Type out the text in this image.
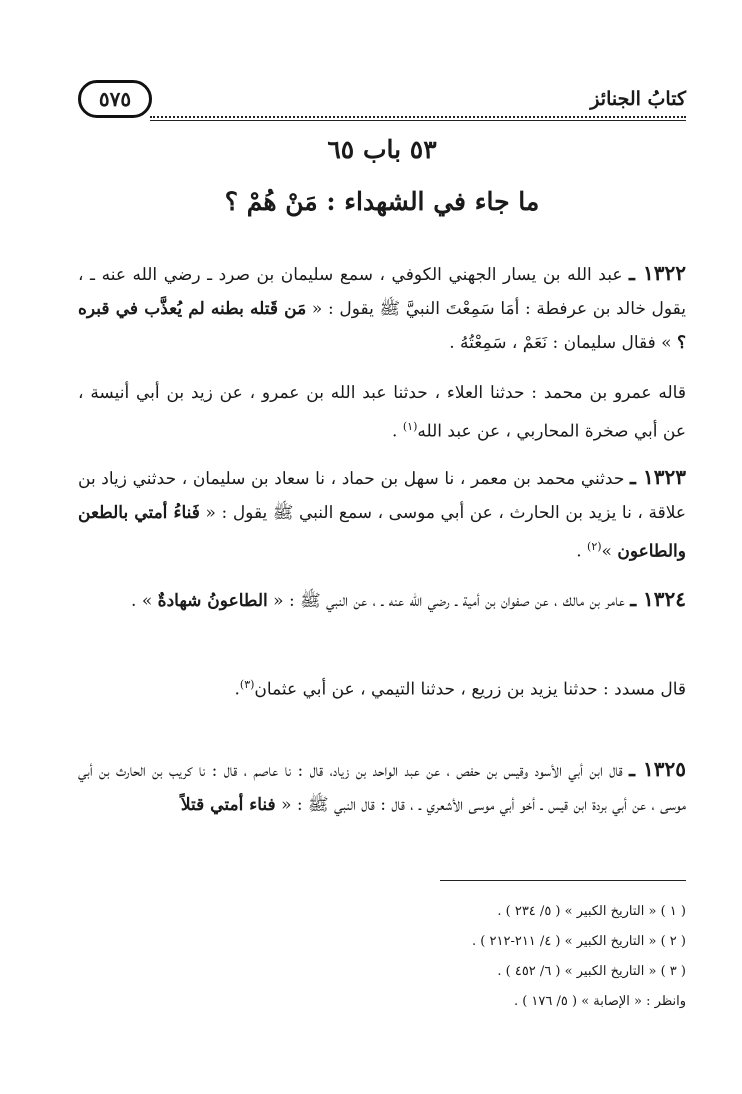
كتابُ الجنائز
٥٧٥
٥٣ باب ٦٥
ما جاء في الشهداء : مَنْ هُمْ ؟
١٣٢٢ ـ عبد الله بن يسار الجهني الكوفي ، سمع سليمان بن صرد ـ رضي الله عنه ـ ، يقول خالد بن عرفطة : أمَا سَمِعْتَ النبيَّ ﷺ يقول : « مَن قَتله بطنه لم يُعذَّب في قبره ؟ » فقال سليمان : نَعَمْ ، سَمِعْتُهُ .
قاله عمرو بن محمد : حدثنا العلاء ، حدثنا عبد الله بن عمرو ، عن زيد بن أبي أنيسة ، عن أبي صخرة المحاربي ، عن عبد الله$^{(١)}$ .
١٣٢٣ ـ حدثني محمد بن معمر ، نا سهل بن حماد ، نا سعاد بن سليمان ، حدثني زياد بن علاقة ، نا يزيد بن الحارث ، عن أبي موسى ، سمع النبي ﷺ يقول : « فَناءُ أمتي بالطعن والطاعون »$^{(٢)}$ .
١٣٢٤ ـ عامر بن مالك ، عن صفوان بن أمية ـ رضي الله عنه ـ ، عن النبي ﷺ : « الطاعونُ شهادةٌ » .
قال مسدد : حدثنا يزيد بن زريع ، حدثنا التيمي ، عن أبي عثمان$^{(٣)}$.
١٣٢٥ ـ قال ابن أبي الأسود وقيس بن حفص ، عن عبد الواحد بن زياد، قال : نا عاصم ، قال : نا كريب بن الحارث بن أبي موسى ، عن أبي بردة ابن قيس ـ أخو أبي موسى الأشعري ـ ، قال : قال النبي ﷺ : « فناء أمتي قتلاً
( ١ ) « التاريخ الكبير » ( ٥/ ٢٣٤ ) .
( ٢ ) « التاريخ الكبير » ( ٤/ ٢١١-٢١٢ ) .
( ٣ ) « التاريخ الكبير » ( ٦/ ٤٥٢ ) .
وانظر : « الإصابة » ( ٥/ ١٧٦ ) .
